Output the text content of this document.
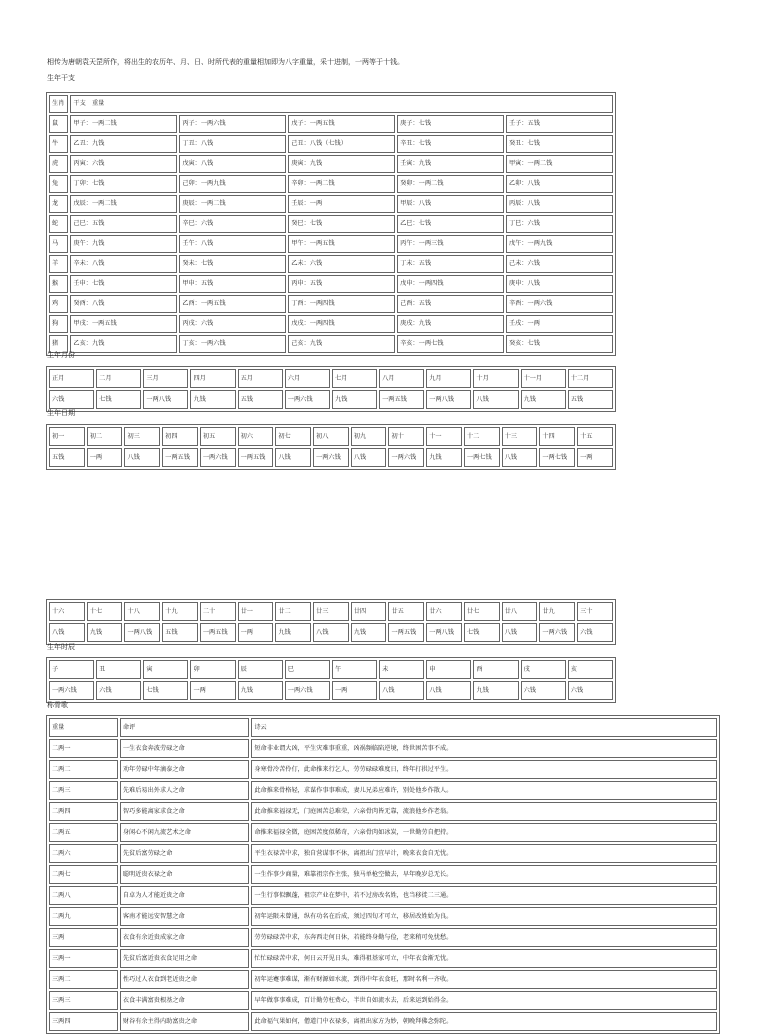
相传为唐朝袁天罡所作，将出生的农历年、月、日、时所代表的重量相加即为八字重量，采十进制，一两等于十钱。
生年干支
生肖	干支　重量				
鼠	甲子：一两二钱	丙子：一两六钱	戊子：一两五钱	庚子：七钱	壬子：五钱
牛	乙丑：九钱	丁丑：八钱	己丑：八钱（七钱）	辛丑：七钱	癸丑：七钱
虎	丙寅：六钱	戊寅：八钱	庚寅：九钱	壬寅：九钱	甲寅：一两二钱
兔	丁卯：七钱	己卯：一两九钱	辛卯：一两二钱	癸卯：一两二钱	乙卯：八钱
龙	戊辰：一两二钱	庚辰：一两二钱	壬辰：一两	甲辰：八钱	丙辰：八钱
蛇	己巳：五钱	辛巳：六钱	癸巳：七钱	乙巳：七钱	丁巳：六钱
马	庚午：九钱	壬午：八钱	甲午：一两五钱	丙午：一两三钱	戊午：一两九钱
羊	辛未：八钱	癸未：七钱	乙未：六钱	丁未：五钱	己未：六钱
猴	壬申：七钱	甲申：五钱	丙申：五钱	戊申：一两四钱	庚申：八钱
鸡	癸酉：八钱	乙酉：一两五钱	丁酉：一两四钱	己酉：五钱	辛酉：一两六钱
狗	甲戌：一两五钱	丙戌：六钱	戊戌：一两四钱	庚戌：九钱	壬戌：一两
猪	乙亥：九钱	丁亥：一两六钱	己亥：九钱	辛亥：一两七钱	癸亥：七钱
生年月份
正月	二月	三月	四月	五月	六月	七月	八月	九月	十月	十一月	十二月
六钱	七钱	一两八钱	九钱	五钱	一两六钱	九钱	一两五钱	一两八钱	八钱	九钱	五钱
生年日期
初一	初二	初三	初四	初五	初六	初七	初八	初九	初十	十一	十二	十三	十四	十五
五钱	一两	八钱	一两五钱	一两六钱	一两五钱	八钱	一两六钱	八钱	一两六钱	九钱	一两七钱	八钱	一两七钱	一两
十六	十七	十八	十九	二十	廿一	廿二	廿三	廿四	廿五	廿六	廿七	廿八	廿九	三十
八钱	九钱	一两八钱	五钱	一两五钱	一两	九钱	八钱	九钱	一两五钱	一两八钱	七钱	八钱	一两六钱	六钱
生年时辰
子	丑	寅	卯	辰	巳	午	未	申	酉	戌	亥
一两六钱	六钱	七钱	一两	九钱	一两六钱	一两	八钱	八钱	九钱	六钱	六钱
称骨歌
重量	命评	诗云
二两一	一生衣食奔波劳碌之命	短命非业谓大凶，平生灾难事重重，凶祸频临陷逆境，终世困苦事不成。
二两二	劝年劳碌中年滴泰之命	身寒骨冷苦伶仃，此命推来行乞人，劳劳碌碌难度日，终年打拱过平生。
二两三	先难后易出外求人之命	此命推来骨格轻，求谋作事事难成，妻儿兄弟应难许，别处他乡作散人。
二两四	智巧多能离家求食之命	此命推来福禄无，门庭困苦总难荣，六亲骨肉皆无靠，流浪他乡作老翁。
二两五	身闲心不闲九流艺术之命	命推来福禄全微，庭困苦度似稀奇，六亲骨肉如冰炭，一世勤劳自把持。
二两六	先贫后富劳碌之命	平生衣禄苦中求，独自营谋事不休，离祖出门宜早计，晚来衣食自无忧。
二两七	聪明近贵衣禄之命	一生作事少商量，难靠祖宗作主张，独马单枪空做去，早年晚岁总无长。
二两八	自卓为人才能近贵之命	一生行事似飘蓬，祖宗产业在梦中，若不过房改名姓，也当移徙二三通。
二两九	客南才能远安智慧之命	初年运限未曾通，纵有功名在后成，须过四旬才可立，移居改姓始为良。
三两	衣食有余近贵成家之命	劳劳碌碌苦中求，东奔西走何日休，若能终身勤与俭，老来稍可免忧愁。
三两一	先贫后富近贵衣食足用之命	忙忙碌碌苦中求，何日云开见日头，难得祖基家可立，中年衣食渐无忧。
三两二	性巧过人衣食到老近贵之命	初年运蹇事难谋，渐有财源如水流，到得中年衣食旺，那时名利一齐收。
三两三	衣食丰满富贵根基之命	早年做事事难成，百计勤劳枉费心，半世自如流水去，后来运到始得金。
三两四	财谷有余主得内助富贵之命	此命福气果如何，僧道门中衣禄多，离祖出家方为妙，朝晚拜佛念弥陀。
